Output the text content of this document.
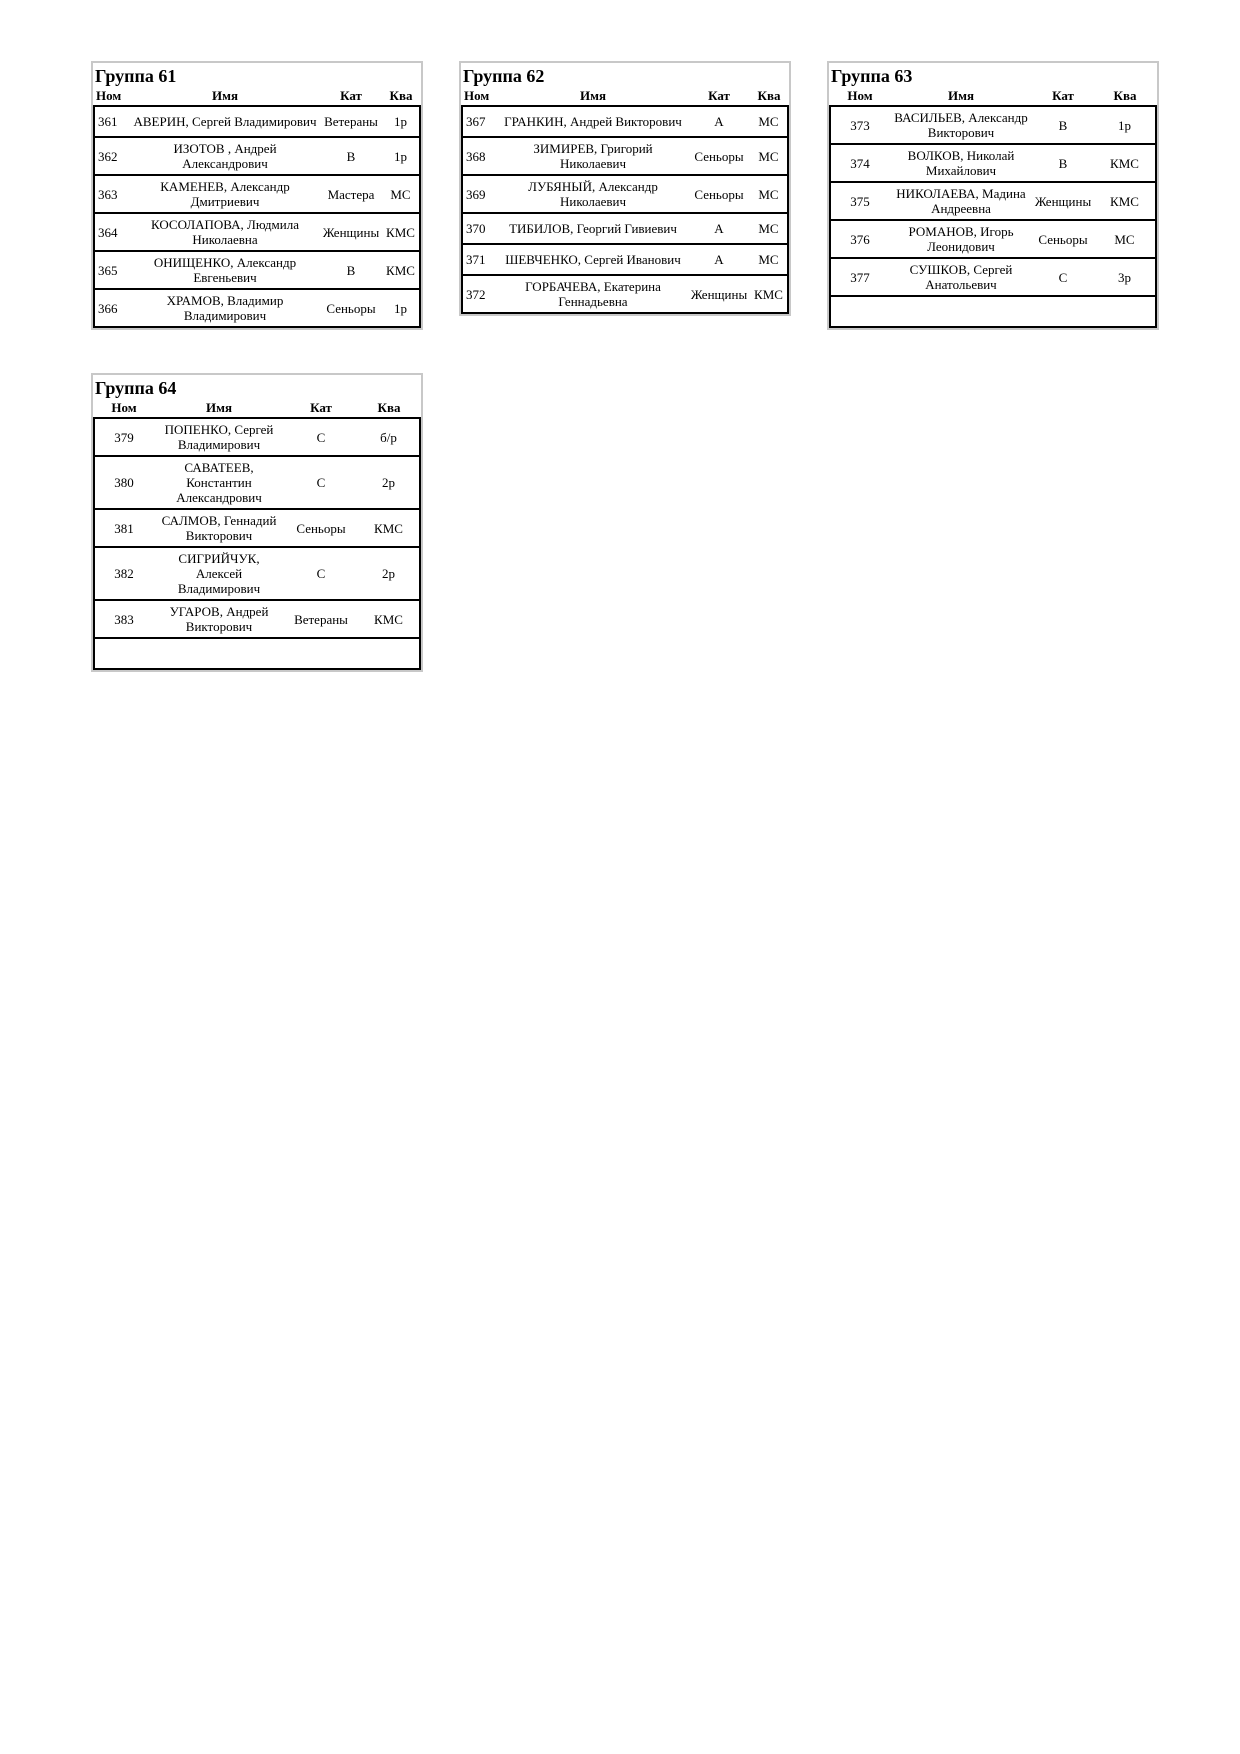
Группа 61
Ном	Имя	Кат	Ква
361	АВЕРИН, Сергей Владимирович	Ветераны	1р
362	ИЗОТОВ , Андрей Александрович	В	1р
363	КАМЕНЕВ, Александр Дмитриевич	Мастера	МС
364	КОСОЛАПОВА, Людмила Николаевна	Женщины	КМС
365	ОНИЩЕНКО, Александр Евгеньевич	В	КМС
366	ХРАМОВ, Владимир Владимирович	Сеньоры	1р
Группа 62
Ном	Имя	Кат	Ква
367	ГРАНКИН, Андрей Викторович	А	МС
368	ЗИМИРЕВ, Григорий Николаевич	Сеньоры	МС
369	ЛУБЯНЫЙ, Александр Николаевич	Сеньоры	МС
370	ТИБИЛОВ, Георгий Гивиевич	А	МС
371	ШЕВЧЕНКО, Сергей Иванович	А	МС
372	ГОРБАЧЕВА, Екатерина Геннадьевна	Женщины	КМС
Группа 63
Ном	Имя	Кат	Ква
373	ВАСИЛЬЕВ, Александр Викторович	В	1р
374	ВОЛКОВ, Николай Михайлович	В	КМС
375	НИКОЛАЕВА, Мадина Андреевна	Женщины	КМС
376	РОМАНОВ, Игорь Леонидович	Сеньоры	МС
377	СУШКОВ, Сергей Анатольевич	С	3р

Группа 64
Ном	Имя	Кат	Ква
379	ПОПЕНКО, Сергей Владимирович	С	б/р
380	САВАТЕЕВ, Константин Александрович	С	2р
381	САЛМОВ, Геннадий Викторович	Сеньоры	КМС
382	СИГРИЙЧУК, Алексей Владимирович	С	2р
383	УГАРОВ, Андрей Викторович	Ветераны	КМС
